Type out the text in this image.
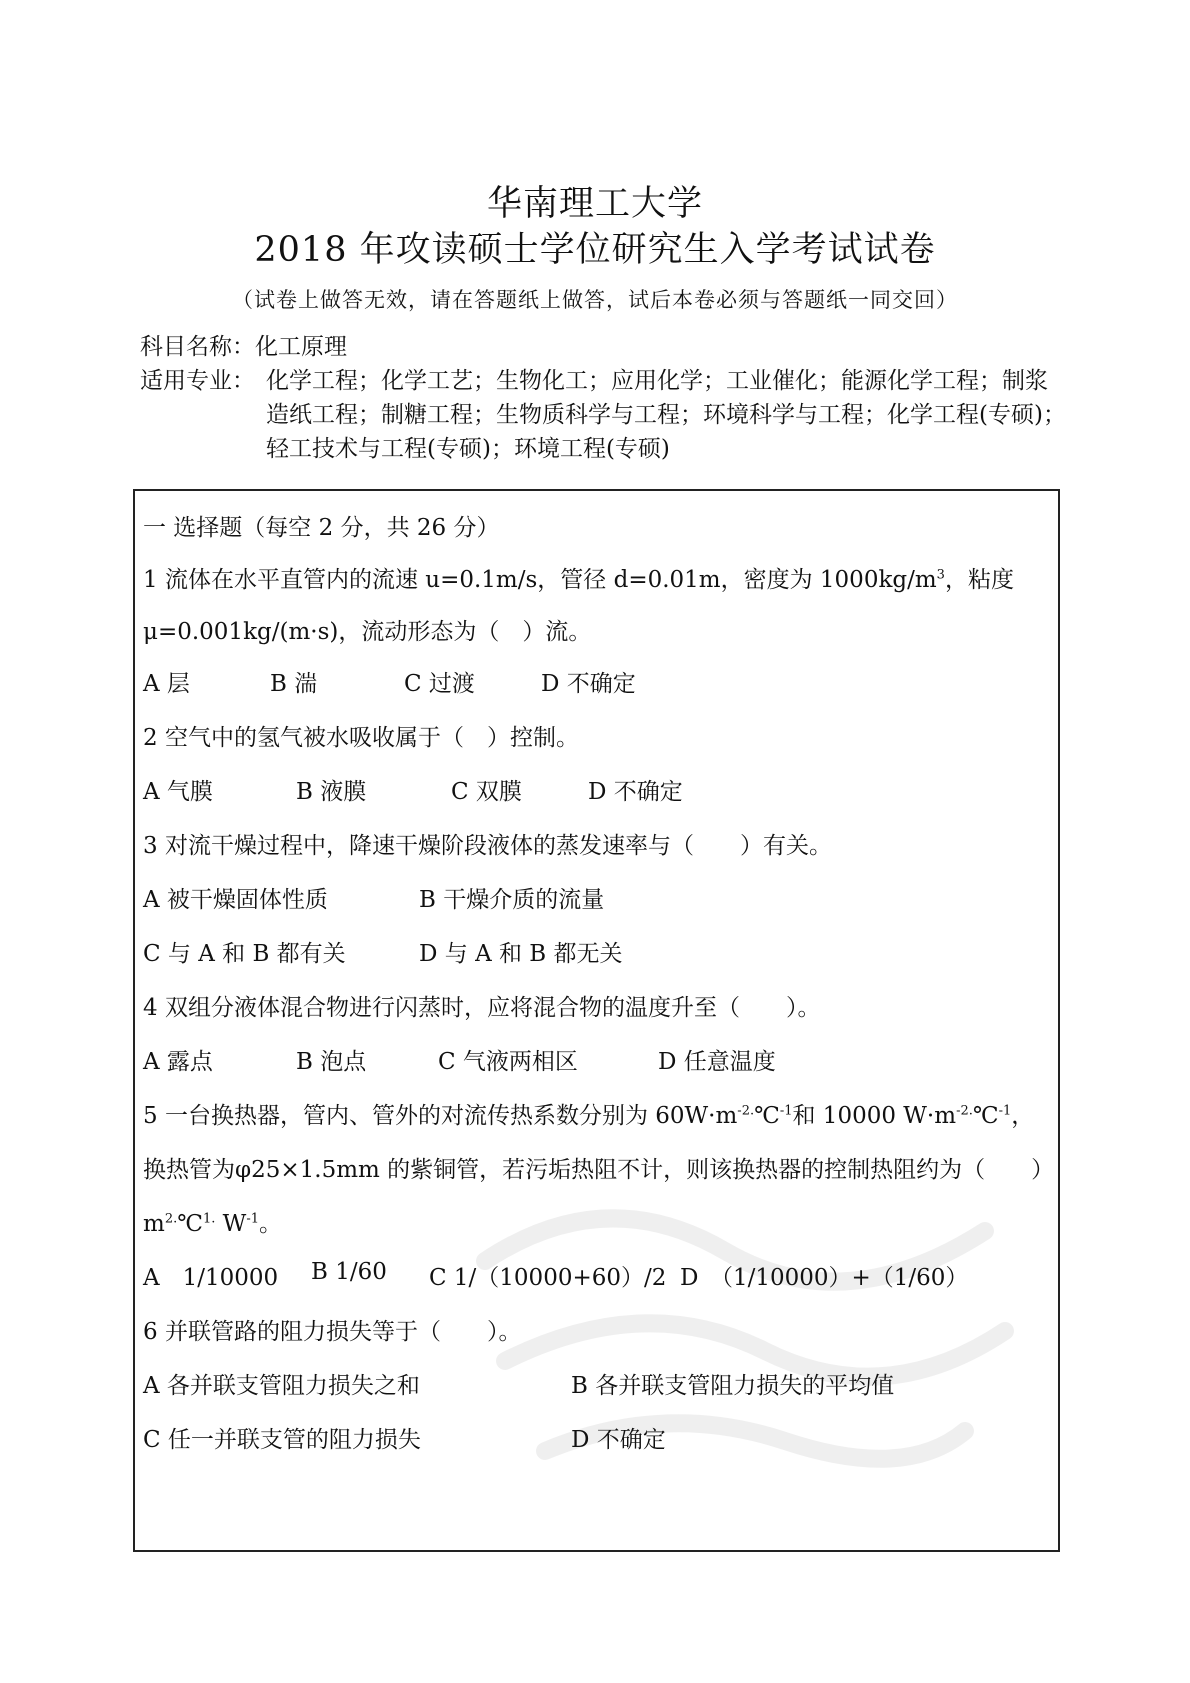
华南理工大学
2018 年攻读硕士学位研究生入学考试试卷
（试卷上做答无效，请在答题纸上做答，试后本卷必须与答题纸一同交回）
科目名称：化工原理
适用专业： 化学工程；化学工艺；生物化工；应用化学；工业催化；能源化学工程；制浆造纸工程；制糖工程；生物质科学与工程；环境科学与工程；化学工程(专硕)；轻工技术与工程(专硕)；环境工程(专硕)
一 选择题（每空 2 分，共 26 分）
1 流体在水平直管内的流速 u=0.1m/s，管径 d=0.01m，密度为 $1000kg/m^3$，粘度
μ=0.001kg/(m·s)，流动形态为（　）流。
A 层	B 湍	C 过渡	D 不确定
2 空气中的氢气被水吸收属于（　）控制。
A 气膜	B 液膜	C 双膜	D 不确定
3 对流干燥过程中，降速干燥阶段液体的蒸发速率与（　　）有关。
A 被干燥固体性质	B 干燥介质的流量
C 与 A 和 B 都有关	D 与 A 和 B 都无关
4 双组分液体混合物进行闪蒸时，应将混合物的温度升至（　　）。
A 露点	B 泡点	C 气液两相区	D 任意温度
5 一台换热器，管内、管外的对流传热系数分别为 $60W\cdot m^{-2.}℃^{-1}$和 10000 $W\cdot m^{-2.}℃^{-1}$，
换热管为φ25×1.5mm 的紫铜管，若污垢热阻不计，则该换热器的控制热阻约为（　　）
$m^{2.}℃^{1.}$ $W^{-1}$。
A　1/10000 B 1/60 C 1/（10000+60）/2 D　（1/10000）+（1/60）
6 并联管路的阻力损失等于（　　）。
A 各并联支管阻力损失之和	B 各并联支管阻力损失的平均值
C 任一并联支管的阻力损失	D 不确定
